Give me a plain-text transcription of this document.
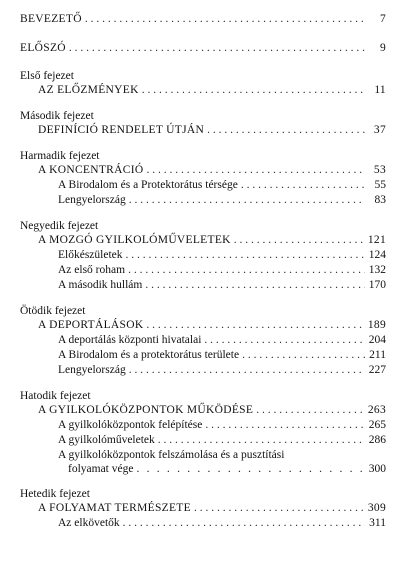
BEVEZETŐ . . .	7
ELŐSZÓ . . .	9
Első fejezet
AZ ELŐZMÉNYEK . . .	11
Második fejezet
DEFINÍCIÓ RENDELET ÚTJÁN . . .	37
Harmadik fejezet
A KONCENTRÁCIÓ . . .	53
A Birodalom és a Protektorátus térsége . . .	55
Lengyelország . . .	83
Negyedik fejezet
A MOZGÓ GYILKOLÓMŰVELETEK . . .	121
Előkészületek . . .	124
Az első roham . . .	132
A második hullám . . .	170
Ötödik fejezet
A DEPORTÁLÁSOK . . .	189
A deportálás központi hivatalai . . .	204
A Birodalom és a protektorátus területe . . .	211
Lengyelország . . .	227
Hatodik fejezet
A GYILKOLÓKÖZPONTOK MŰKÖDÉSE . . .	263
A gyilkolóközpontok felépítése . . .	265
A gyilkolóműveletek . . .	286
A gyilkolóközpontok felszámolása és a pusztítási
folyamat vége . . .	300
Hetedik fejezet
A FOLYAMAT TERMÉSZETE . . .	309
Az elkövetők . . .	311
